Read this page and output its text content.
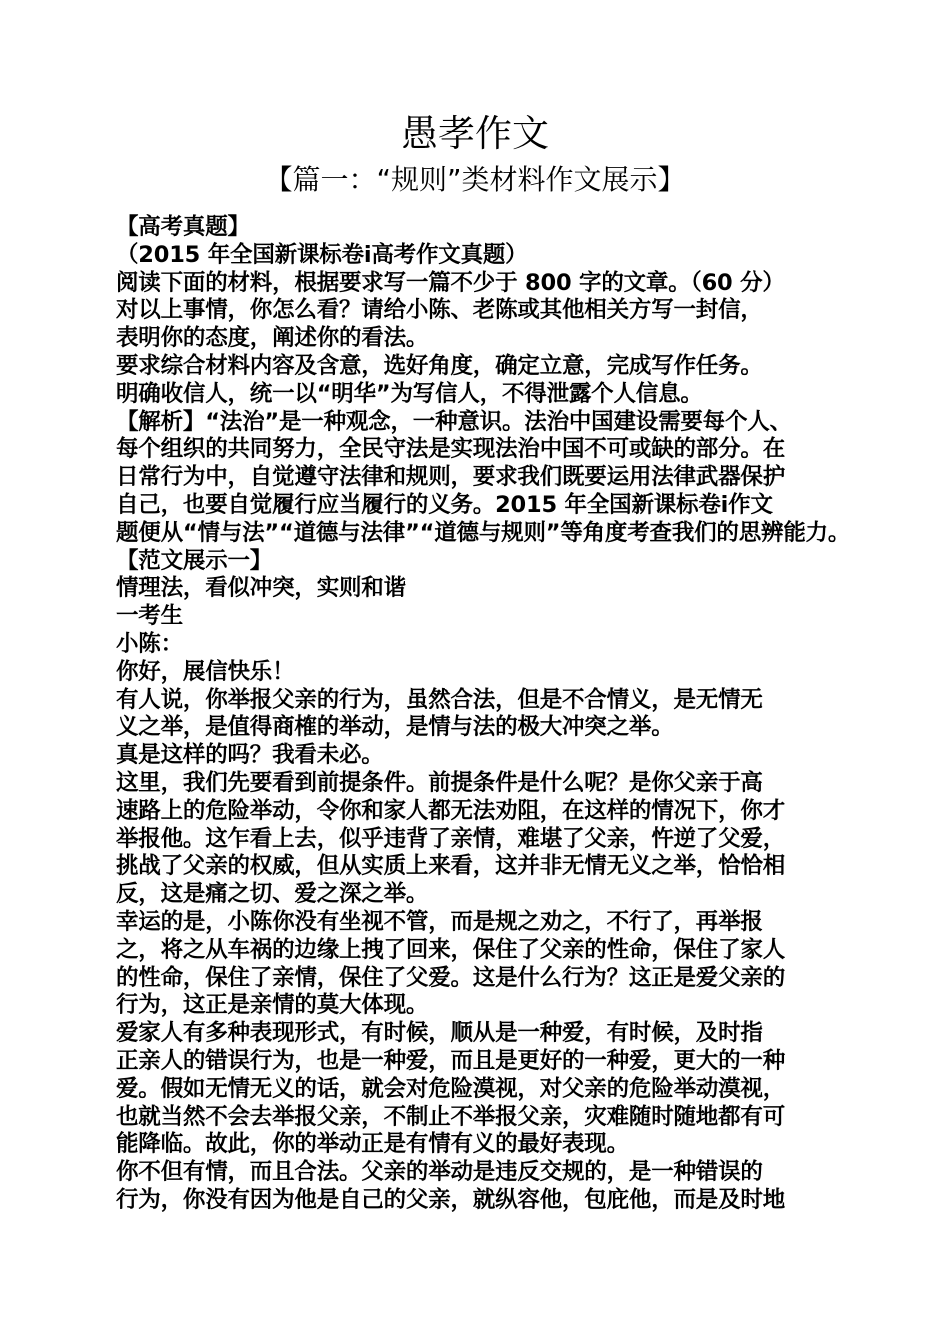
愚孝作文
【篇一：“规则”类材料作文展示】
【高考真题】
（2015 年全国新课标卷ⅰ高考作文真题）
阅读下面的材料，根据要求写一篇不少于 800 字的文章。（60 分）
对以上事情，你怎么看？请给小陈、老陈或其他相关方写一封信，
表明你的态度，阐述你的看法。
要求综合材料内容及含意，选好角度，确定立意，完成写作任务。
明确收信人，统一以“明华”为写信人，不得泄露个人信息。
【解析】“法治”是一种观念，一种意识。法治中国建设需要每个人、
每个组织的共同努力，全民守法是实现法治中国不可或缺的部分。在
日常行为中，自觉遵守法律和规则，要求我们既要运用法律武器保护
自己，也要自觉履行应当履行的义务。2015 年全国新课标卷ⅰ作文
题便从“情与法”“道德与法律”“道德与规则”等角度考查我们的思辨能力。
【范文展示一】
情理法，看似冲突，实则和谐
一考生
小陈：
你好，展信快乐！
有人说，你举报父亲的行为，虽然合法，但是不合情义，是无情无
义之举，是值得商榷的举动，是情与法的极大冲突之举。
真是这样的吗？我看未必。
这里，我们先要看到前提条件。前提条件是什么呢？是你父亲于高
速路上的危险举动，令你和家人都无法劝阻，在这样的情况下，你才
举报他。这乍看上去，似乎违背了亲情，难堪了父亲，忤逆了父爱，
挑战了父亲的权威，但从实质上来看，这并非无情无义之举，恰恰相
反，这是痛之切、爱之深之举。
幸运的是，小陈你没有坐视不管，而是规之劝之，不行了，再举报
之，将之从车祸的边缘上拽了回来，保住了父亲的性命，保住了家人
的性命，保住了亲情，保住了父爱。这是什么行为？这正是爱父亲的
行为，这正是亲情的莫大体现。
爱家人有多种表现形式，有时候，顺从是一种爱，有时候，及时指
正亲人的错误行为，也是一种爱，而且是更好的一种爱，更大的一种
爱。假如无情无义的话，就会对危险漠视，对父亲的危险举动漠视，
也就当然不会去举报父亲，不制止不举报父亲，灾难随时随地都有可
能降临。故此，你的举动正是有情有义的最好表现。
你不但有情，而且合法。父亲的举动是违反交规的，是一种错误的
行为，你没有因为他是自己的父亲，就纵容他，包庇他，而是及时地
